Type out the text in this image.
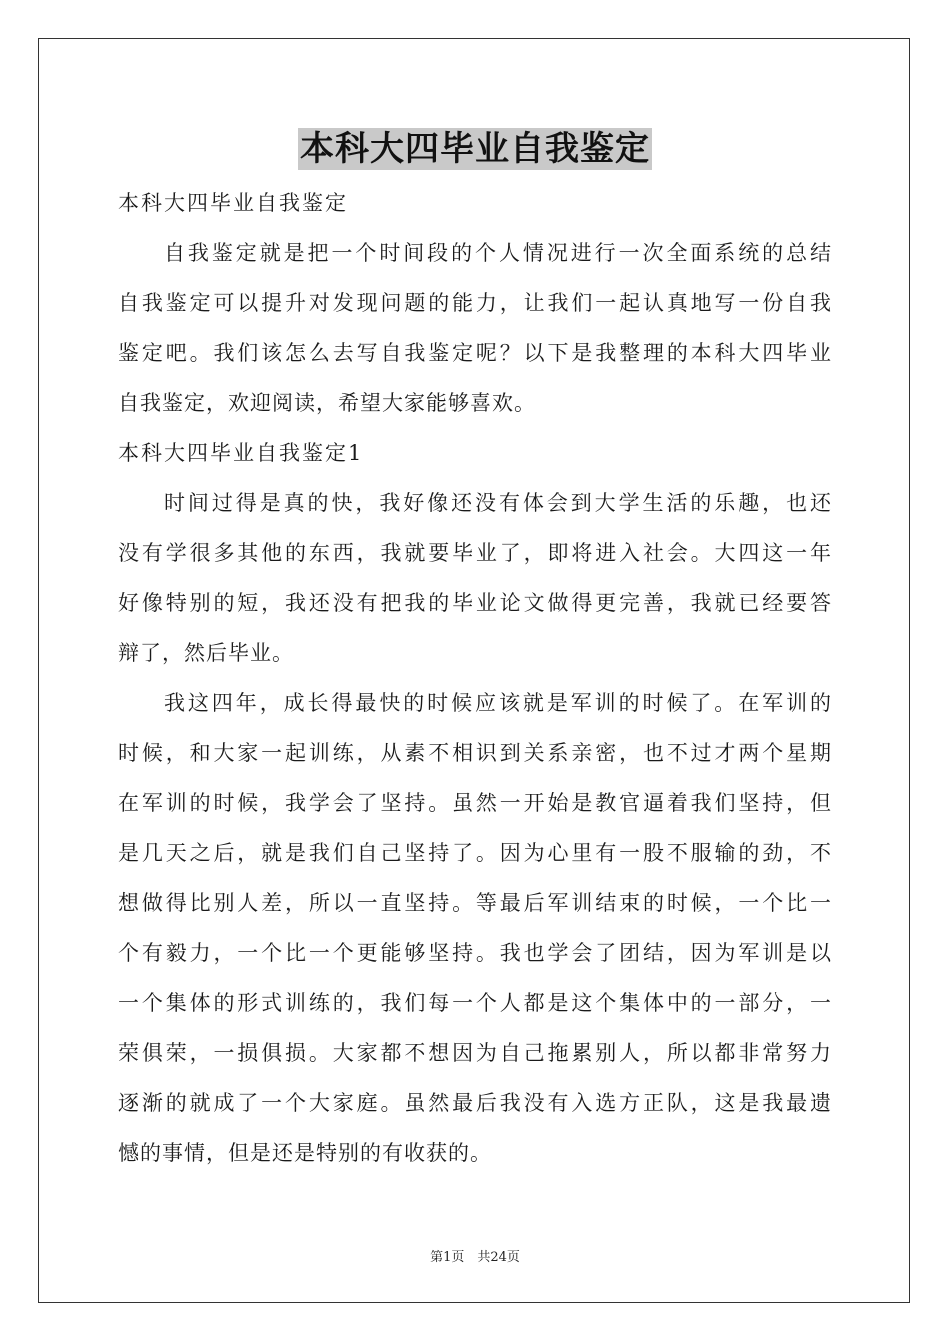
本科大四毕业自我鉴定
本科大四毕业自我鉴定
自我鉴定就是把一个时间段的个人情况进行一次全面系统的总结
自我鉴定可以提升对发现问题的能力，让我们一起认真地写一份自我
鉴定吧。我们该怎么去写自我鉴定呢？以下是我整理的本科大四毕业
自我鉴定，欢迎阅读，希望大家能够喜欢。
本科大四毕业自我鉴定1
时间过得是真的快，我好像还没有体会到大学生活的乐趣，也还
没有学很多其他的东西，我就要毕业了，即将进入社会。大四这一年
好像特别的短，我还没有把我的毕业论文做得更完善，我就已经要答
辩了，然后毕业。
我这四年，成长得最快的时候应该就是军训的时候了。在军训的
时候，和大家一起训练，从素不相识到关系亲密，也不过才两个星期
在军训的时候，我学会了坚持。虽然一开始是教官逼着我们坚持，但
是几天之后，就是我们自己坚持了。因为心里有一股不服输的劲，不
想做得比别人差，所以一直坚持。等最后军训结束的时候，一个比一
个有毅力，一个比一个更能够坚持。我也学会了团结，因为军训是以
一个集体的形式训练的，我们每一个人都是这个集体中的一部分，一
荣俱荣，一损俱损。大家都不想因为自己拖累别人，所以都非常努力
逐渐的就成了一个大家庭。虽然最后我没有入选方正队，这是我最遗
憾的事情，但是还是特别的有收获的。
第1页　共24页
